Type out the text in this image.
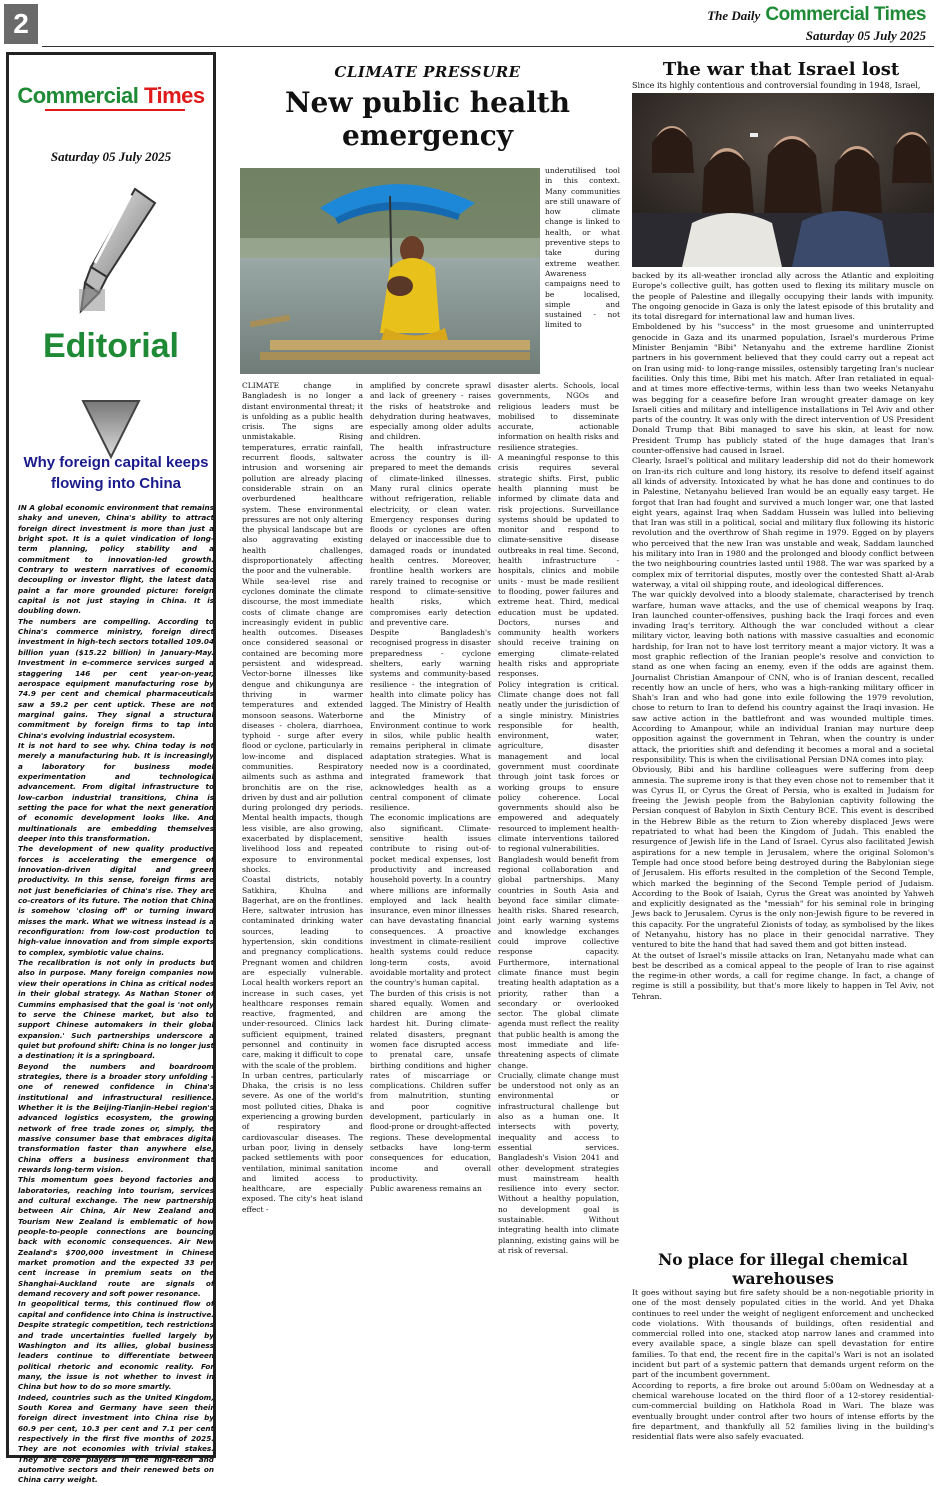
2	The Daily Commercial Times
Saturday 05 July 2025
Commercial Times
Saturday 05 July 2025
Editorial
Why foreign capital keeps flowing into China

IN A global economic environment that remains shaky and uneven, China's ability to attract foreign direct investment is more than just a bright spot. It is a quiet vindication of long-term planning, policy stability and a commitment to innovation-led growth. Contrary to western narratives of economic decoupling or investor flight, the latest data paint a far more grounded picture: foreign capital is not just staying in China. It is doubling down.

The numbers are compelling. According to China's commerce ministry, foreign direct investment in high-tech sectors totalled 109.04 billion yuan ($15.22 billion) in January-May. Investment in e-commerce services surged a staggering 146 per cent year-on-year, aerospace equipment manufacturing rose by 74.9 per cent and chemical pharmaceuticals saw a 59.2 per cent uptick. These are not marginal gains. They signal a structural commitment by foreign firms to tap into China's evolving industrial ecosystem.

It is not hard to see why. China today is not merely a manufacturing hub. It is increasingly a laboratory for business model experimentation and technological advancement. From digital infrastructure to low-carbon industrial transitions, China is setting the pace for what the next generation of economic development looks like. And multinationals are embedding themselves deeper into this transformation.

The development of new quality productive forces is accelerating the emergence of innovation-driven digital and green productivity. In this sense, foreign firms are not just beneficiaries of China's rise. They are co-creators of its future. The notion that China is somehow 'closing off' or turning inward misses the mark. What we witness instead is a reconfiguration: from low-cost production to high-value innovation and from simple exports to complex, symbiotic value chains.

The recalibration is not only in products but also in purpose. Many foreign companies now view their operations in China as critical nodes in their global strategy. As Nathan Stoner of Cummins emphasised that the goal is 'not only to serve the Chinese market, but also to support Chinese automakers in their global expansion.' Such partnerships underscore a quiet but profound shift: China is no longer just a destination; it is a springboard.

Beyond the numbers and boardroom strategies, there is a broader story unfolding - one of renewed confidence in China's institutional and infrastructural resilience. Whether it is the Beijing-Tianjin-Hebei region's advanced logistics ecosystem, the growing network of free trade zones or, simply, the massive consumer base that embraces digital transformation faster than anywhere else, China offers a business environment that rewards long-term vision.

This momentum goes beyond factories and laboratories, reaching into tourism, services and cultural exchange. The new partnership between Air China, Air New Zealand and Tourism New Zealand is emblematic of how people-to-people connections are bouncing back with economic consequences. Air New Zealand's $700,000 investment in Chinese market promotion and the expected 33 per cent increase in premium seats on the Shanghai-Auckland route are signals of demand recovery and soft power resonance.

In geopolitical terms, this continued flow of capital and confidence into China is instructive. Despite strategic competition, tech restrictions and trade uncertainties fuelled largely by Washington and its allies, global business leaders continue to differentiate between political rhetoric and economic reality. For many, the issue is not whether to invest in China but how to do so more smartly.

Indeed, countries such as the United Kingdom, South Korea and Germany have seen their foreign direct investment into China rise by 60.9 per cent, 10.3 per cent and 7.1 per cent respectively in the first five months of 2025. They are not economies with trivial stakes. They are core players in the high-tech and automotive sectors and their renewed bets on China carry weight.

CLIMATE PRESSURE
New public health emergency

underutilised tool in this context. Many communities are still unaware of how climate change is linked to health, or what preventive steps to take during extreme weather. Awareness campaigns need to be localised, simple and sustained - not limited to

CLIMATE change in Bangladesh is no longer a distant environmental threat; it is unfolding as a public health crisis. The signs are unmistakable. Rising temperatures, erratic rainfall, recurrent floods, saltwater intrusion and worsening air pollution are already placing considerable strain on an overburdened healthcare system. These environmental pressures are not only altering the physical landscape but are also aggravating existing health challenges, disproportionately affecting the poor and the vulnerable.

While sea-level rise and cyclones dominate the climate discourse, the most immediate costs of climate change are increasingly evident in public health outcomes. Diseases once considered seasonal or contained are becoming more persistent and widespread. Vector-borne illnesses like dengue and chikungunya are thriving in warmer temperatures and extended monsoon seasons. Waterborne diseases - cholera, diarrhoea, typhoid - surge after every flood or cyclone, particularly in low-income and displaced communities. Respiratory ailments such as asthma and bronchitis are on the rise, driven by dust and air pollution during prolonged dry periods. Mental health impacts, though less visible, are also growing, exacerbated by displacement, livelihood loss and repeated exposure to environmental shocks.

Coastal districts, notably Satkhira, Khulna and Bagerhat, are on the frontlines. Here, saltwater intrusion has contaminated drinking water sources, leading to hypertension, skin conditions and pregnancy complications. Pregnant women and children are especially vulnerable. Local health workers report an increase in such cases, yet healthcare responses remain reactive, fragmented, and under-resourced. Clinics lack sufficient equipment, trained personnel and continuity in care, making it difficult to cope with the scale of the problem.

In urban centres, particularly Dhaka, the crisis is no less severe. As one of the world's most polluted cities, Dhaka is experiencing a growing burden of respiratory and cardiovascular diseases. The urban poor, living in densely packed settlements with poor ventilation, minimal sanitation and limited access to healthcare, are especially exposed. The city's heat island effect -

amplified by concrete sprawl and lack of greenery - raises the risks of heatstroke and dehydration during heatwaves, especially among older adults and children.

The health infrastructure across the country is ill-prepared to meet the demands of climate-linked illnesses. Many rural clinics operate without refrigeration, reliable electricity, or clean water. Emergency responses during floods or cyclones are often delayed or inaccessible due to damaged roads or inundated health centres. Moreover, frontline health workers are rarely trained to recognise or respond to climate-sensitive health risks, which compromises early detection and preventive care.

Despite Bangladesh's recognised progress in disaster preparedness - cyclone shelters, early warning systems and community-based resilience - the integration of health into climate policy has lagged. The Ministry of Health and the Ministry of Environment continue to work in silos, while public health remains peripheral in climate adaptation strategies. What is needed now is a coordinated, integrated framework that acknowledges health as a central component of climate resilience.

The economic implications are also significant. Climate-sensitive health issues contribute to rising out-of-pocket medical expenses, lost productivity and increased household poverty. In a country where millions are informally employed and lack health insurance, even minor illnesses can have devastating financial consequences. A proactive investment in climate-resilient health systems could reduce long-term costs, avoid avoidable mortality and protect the country's human capital.

The burden of this crisis is not shared equally. Women and children are among the hardest hit. During climate-related disasters, pregnant women face disrupted access to prenatal care, unsafe birthing conditions and higher rates of miscarriage or complications. Children suffer from malnutrition, stunting and poor cognitive development, particularly in flood-prone or drought-affected regions. These developmental setbacks have long-term consequences for education, income and overall productivity.

Public awareness remains an

disaster alerts. Schools, local governments, NGOs and religious leaders must be mobilised to disseminate accurate, actionable information on health risks and resilience strategies.

A meaningful response to this crisis requires several strategic shifts. First, public health planning must be informed by climate data and risk projections. Surveillance systems should be updated to monitor and respond to climate-sensitive disease outbreaks in real time. Second, health infrastructure - hospitals, clinics and mobile units - must be made resilient to flooding, power failures and extreme heat. Third, medical education must be updated. Doctors, nurses and community health workers should receive training on emerging climate-related health risks and appropriate responses.

Policy integration is critical. Climate change does not fall neatly under the jurisdiction of a single ministry. Ministries responsible for health, environment, water, agriculture, disaster management and local government must coordinate through joint task forces or working groups to ensure policy coherence. Local governments should also be empowered and adequately resourced to implement health-climate interventions tailored to regional vulnerabilities.

Bangladesh would benefit from regional collaboration and global partnerships. Many countries in South Asia and beyond face similar climate-health risks. Shared research, joint early warning systems and knowledge exchanges could improve collective response capacity. Furthermore, international climate finance must begin treating health adaptation as a priority, rather than a secondary or overlooked sector. The global climate agenda must reflect the reality that public health is among the most immediate and life-threatening aspects of climate change.

Crucially, climate change must be understood not only as an environmental or infrastructural challenge but also as a human one. It intersects with poverty, inequality and access to essential services. Bangladesh's Vision 2041 and other development strategies must mainstream health resilience into every sector. Without a healthy population, no development goal is sustainable. Without integrating health into climate planning, existing gains will be at risk of reversal.

The war that Israel lost
Since its highly contentious and controversial founding in 1948, Israel,

backed by its all-weather ironclad ally across the Atlantic and exploiting Europe's collective guilt, has gotten used to flexing its military muscle on the people of Palestine and illegally occupying their lands with impunity. The ongoing genocide in Gaza is only the latest episode of this brutality and its total disregard for international law and human lives.

Emboldened by his "success" in the most gruesome and uninterrupted genocide in Gaza and its unarmed population, Israel's murderous Prime Minister Benjamin "Bibi" Netanyahu and the extreme hardline Zionist partners in his government believed that they could carry out a repeat act on Iran using mid- to long-range missiles, ostensibly targeting Iran's nuclear facilities. Only this time, Bibi met his match. After Iran retaliated in equal-and at times more effective-terms, within less than two weeks Netanyahu was begging for a ceasefire before Iran wrought greater damage on key Israeli cities and military and intelligence installations in Tel Aviv and other parts of the country. It was only with the direct intervention of US President Donald Trump that Bibi managed to save his skin, at least for now. President Trump has publicly stated of the huge damages that Iran's counter-offensive had caused in Israel.

Clearly, Israel's political and military leadership did not do their homework on Iran-its rich culture and long history, its resolve to defend itself against all kinds of adversity. Intoxicated by what he has done and continues to do in Palestine, Netanyahu believed Iran would be an equally easy target. He forgot that Iran had fought and survived a much longer war, one that lasted eight years, against Iraq when Saddam Hussein was lulled into believing that Iran was still in a political, social and military flux following its historic revolution and the overthrow of Shah regime in 1979. Egged on by players who perceived that the new Iran was unstable and weak, Saddam launched his military into Iran in 1980 and the prolonged and bloody conflict between the two neighbouring countries lasted until 1988. The war was sparked by a complex mix of territorial disputes, mostly over the contested Shatt al-Arab waterway, a vital oil shipping route, and ideological differences.

The war quickly devolved into a bloody stalemate, characterised by trench warfare, human wave attacks, and the use of chemical weapons by Iraq. Iran launched counter-offensives, pushing back the Iraqi forces and even invading Iraq's territory. Although the war concluded without a clear military victor, leaving both nations with massive casualties and economic hardship, for Iran not to have lost territory meant a major victory. It was a most graphic reflection of the Iranian people's resolve and conviction to stand as one when facing an enemy, even if the odds are against them. Journalist Christian Amanpour of CNN, who is of Iranian descent, recalled recently how an uncle of hers, who was a high-ranking military officer in Shah's Iran and who had gone into exile following the 1979 revolution, chose to return to Iran to defend his country against the Iraqi invasion. He saw active action in the battlefront and was wounded multiple times. According to Amanpour, while an individual Iranian may nurture deep opposition against the government in Tehran, when the country is under attack, the priorities shift and defending it becomes a moral and a societal responsibility. This is when the civilisational Persian DNA comes into play.

Obviously, Bibi and his hardline colleagues were suffering from deep amnesia. The supreme irony is that they even chose not to remember that it was Cyrus II, or Cyrus the Great of Persia, who is exalted in Judaism for freeing the Jewish people from the Babylonian captivity following the Persian conquest of Babylon in Sixth Century BCE. This event is described in the Hebrew Bible as the return to Zion whereby displaced Jews were repatriated to what had been the Kingdom of Judah. This enabled the resurgence of Jewish life in the Land of Israel. Cyrus also facilitated Jewish aspirations for a new temple in Jerusalem, where the original Solomon's Temple had once stood before being destroyed during the Babylonian siege of Jerusalem. His efforts resulted in the completion of the Second Temple, which marked the beginning of the Second Temple period of Judaism. According to the Book of Isaiah, Cyrus the Great was anointed by Yahweh and explicitly designated as the "messiah" for his seminal role in bringing Jews back to Jerusalem. Cyrus is the only non-Jewish figure to be revered in this capacity. For the ungrateful Zionists of today, as symbolised by the likes of Netanyahu, history has no place in their genocidal narrative. They ventured to bite the hand that had saved them and got bitten instead.

At the outset of Israel's missile attacks on Iran, Netanyahu made what can best be described as a comical appeal to the people of Iran to rise against the regime-in other words, a call for regime change. In fact, a change of regime is still a possibility, but that's more likely to happen in Tel Aviv, not Tehran.

No place for illegal chemical warehouses

It goes without saying but fire safety should be a non-negotiable priority in one of the most densely populated cities in the world. And yet Dhaka continues to reel under the weight of negligent enforcement and unchecked code violations. With thousands of buildings, often residential and commercial rolled into one, stacked atop narrow lanes and crammed into every available space, a single blaze can spell devastation for entire families. To that end, the recent fire in the capital's Wari is not an isolated incident but part of a systemic pattern that demands urgent reform on the part of the incumbent government.

According to reports, a fire broke out around 5:00am on Wednesday at a chemical warehouse located on the third floor of a 12-storey residential-cum-commercial building on Hatkhola Road in Wari. The blaze was eventually brought under control after two hours of intense efforts by the fire department, and thankfully all 52 families living in the building's residential flats were also safely evacuated.
